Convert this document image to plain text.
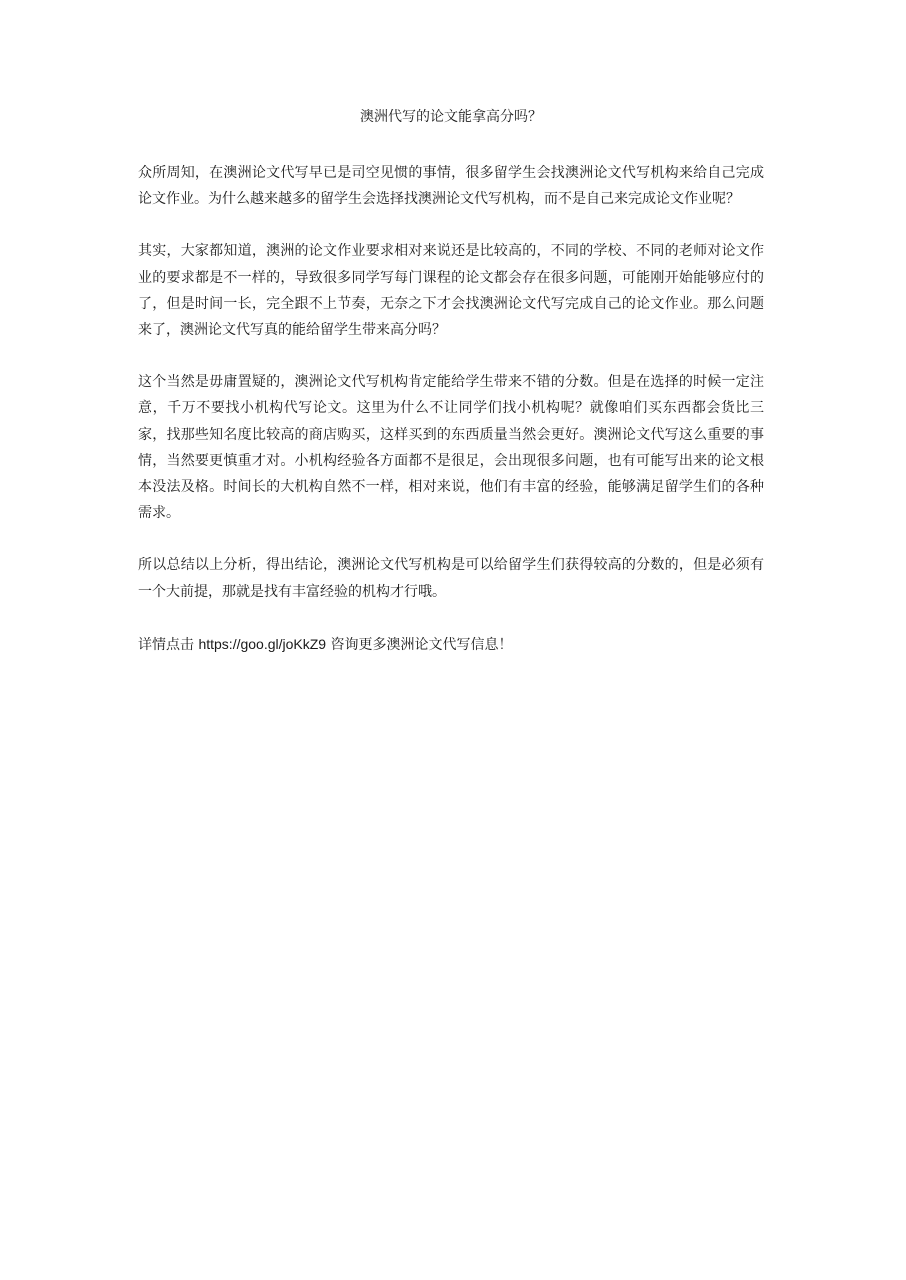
澳洲代写的论文能拿高分吗？

众所周知，在澳洲论文代写早已是司空见惯的事情，很多留学生会找澳洲论文代写机构来给自己完成论文作业。为什么越来越多的留学生会选择找澳洲论文代写机构，而不是自己来完成论文作业呢？

其实，大家都知道，澳洲的论文作业要求相对来说还是比较高的，不同的学校、不同的老师对论文作业的要求都是不一样的，导致很多同学写每门课程的论文都会存在很多问题，可能刚开始能够应付的了，但是时间一长，完全跟不上节奏，无奈之下才会找澳洲论文代写完成自己的论文作业。那么问题来了，澳洲论文代写真的能给留学生带来高分吗？

这个当然是毋庸置疑的，澳洲论文代写机构肯定能给学生带来不错的分数。但是在选择的时候一定注意，千万不要找小机构代写论文。这里为什么不让同学们找小机构呢？就像咱们买东西都会货比三家，找那些知名度比较高的商店购买，这样买到的东西质量当然会更好。澳洲论文代写这么重要的事情，当然要更慎重才对。小机构经验各方面都不是很足，会出现很多问题，也有可能写出来的论文根本没法及格。时间长的大机构自然不一样，相对来说，他们有丰富的经验，能够满足留学生们的各种需求。

所以总结以上分析，得出结论，澳洲论文代写机构是可以给留学生们获得较高的分数的，但是必须有一个大前提，那就是找有丰富经验的机构才行哦。

详情点击 https://goo.gl/joKkZ9 咨询更多澳洲论文代写信息！
